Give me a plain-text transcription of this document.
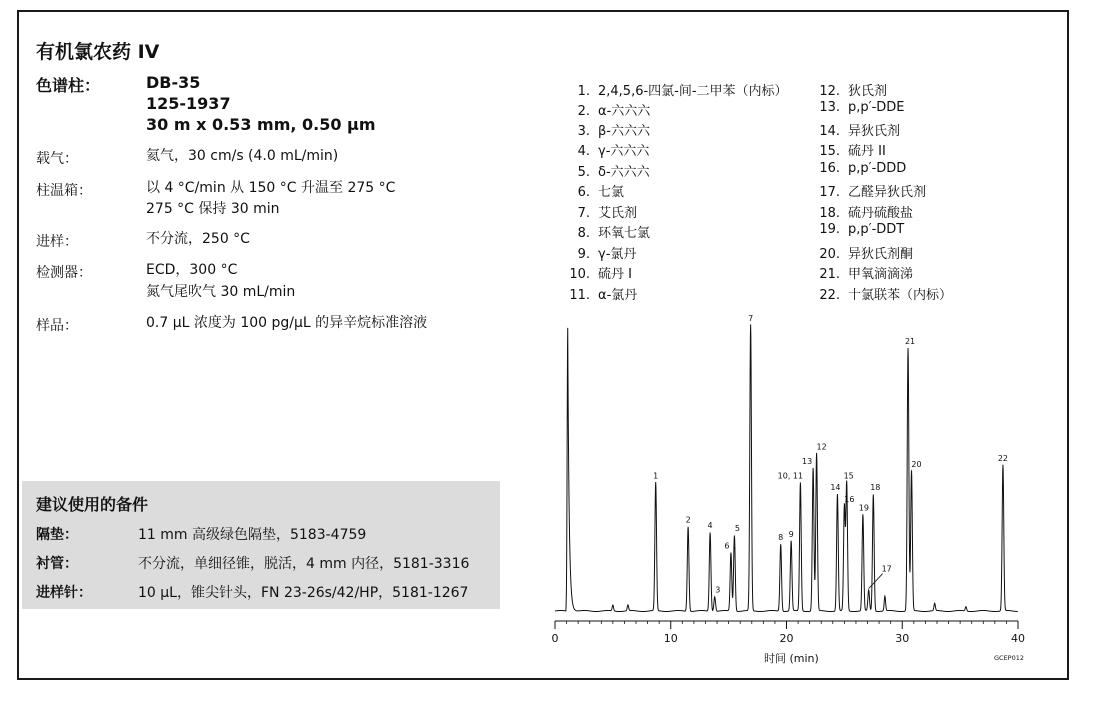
有机氯农药 IV
色谱柱：	DB-35
125-1937
30 m x 0.53 mm, 0.50 µm
载气：	氦气，30 cm/s (4.0 mL/min)
柱温箱：	以 4 °C/min 从 150 °C 升温至 275 °C
275 °C 保持 30 min
进样：	不分流，250 °C
检测器：	ECD，300 °C
氮气尾吹气 30 mL/min
样品：	0.7 µL 浓度为 100 pg/µL 的异辛烷标准溶液
建议使用的备件
隔垫：	11 mm 高级绿色隔垫，5183-4759
衬管：	不分流，单细径锥，脱活，4 mm 内径，5181-3316
进样针：	10 µL，锥尖针头，FN 23-26s/42/HP，5181-1267
1. 2,4,5,6-四氯-间-二甲苯（内标）
2. α-六六六
3. β-六六六
4. γ-六六六
5. δ-六六六
6. 七氯
7. 艾氏剂
8. 环氧七氯
9. γ-氯丹
10. 硫丹 I
11. α-氯丹
12. 狄氏剂
13. p,p′-DDE
14. 异狄氏剂
15. 硫丹 II
16. p,p′-DDD
17. 乙醛异狄氏剂
18. 硫丹硫酸盐
19. p,p′-DDT
20. 异狄氏剂酮
21. 甲氧滴滴涕
22. 十氯联苯（内标）
0	10	20	30	40
1
2
3
4	5
6
7
8 9
10, 11
13
12
14
15
16
18
19
20
21
22
17
时间 (min)	GCEP012
